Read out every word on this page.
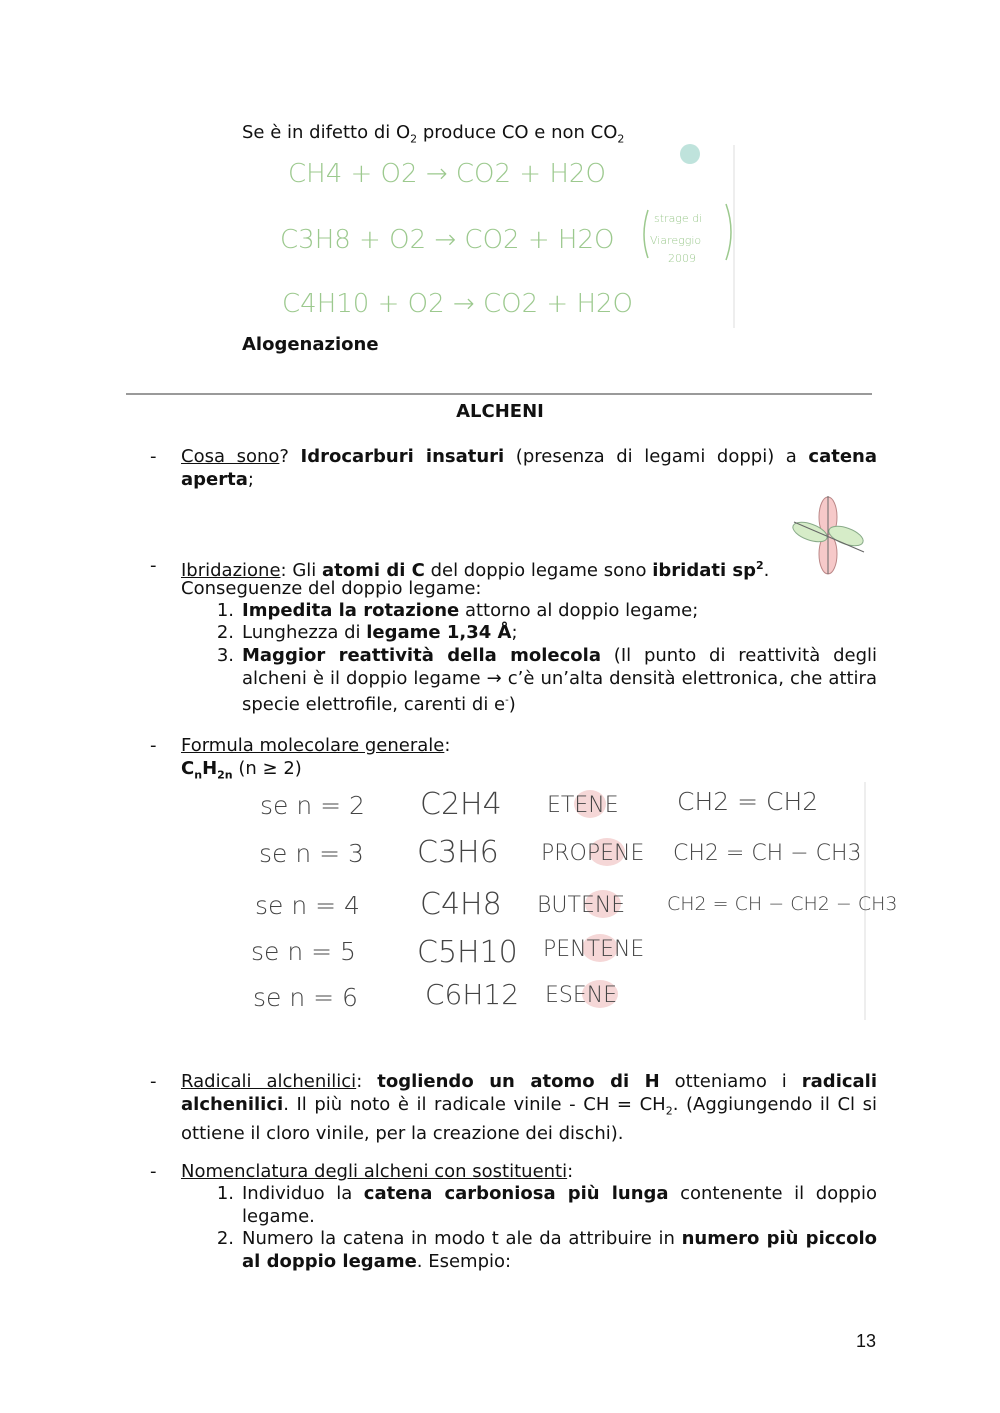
Se è in difetto di $O_2$ produce CO e non $CO_2$
CH4 + O2 → CO2 + H2O
C3H8 + O2 → CO2 + H2O
C4H10 + O2 → CO2 + H2O
strage di
Viareggio
2009
Alogenazione
ALCHENI
- Cosa sono? Idrocarburi insaturi (presenza di legami doppi) a catena aperta;
- Ibridazione: Gli atomi di C del doppio legame sono ibridati $sp^2$.
Conseguenze del doppio legame:
1. Impedita la rotazione attorno al doppio legame;
2. Lunghezza di legame 1,34 Å;
3. Maggior reattività della molecola (Il punto di reattività degli alcheni è il doppio legame → c’è un’alta densità elettronica, che attira specie elettrofile, carenti di e-)
- Formula molecolare generale:
$C_nH_{2n}$ (n ≥ 2)
se n = 2 C2H4 ETENE CH2 = CH2
se n = 3 C3H6 PROPENE CH2 = CH − CH3
se n = 4 C4H8 BUTENE CH2 = CH − CH2 − CH3
se n = 5 C5H10 PENTENE
se n = 6 C6H12 ESENE
- Radicali alchenilici: togliendo un atomo di H otteniamo i radicali alchenilici. Il più noto è il radicale vinile - CH = $CH_2$. (Aggiungendo il Cl si ottiene il cloro vinile, per la creazione dei dischi).
- Nomenclatura degli alcheni con sostituenti:
1. Individuo la catena carboniosa più lunga contenente il doppio legame.
2. Numero la catena in modo t ale da attribuire in numero più piccolo al doppio legame. Esempio:
13
